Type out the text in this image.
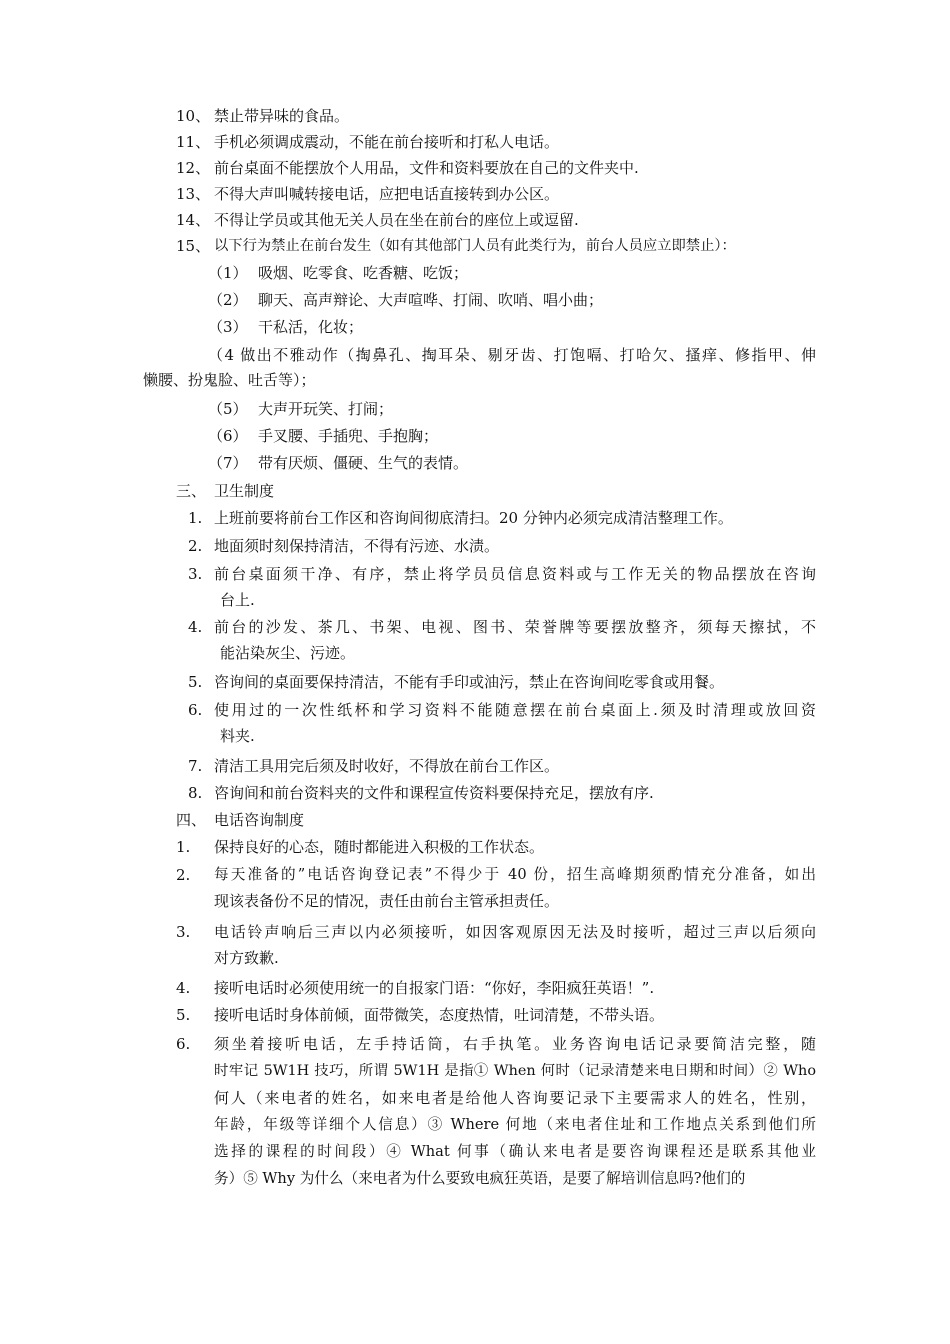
10、 禁止带异味的食品。
11、 手机必须调成震动，不能在前台接听和打私人电话。
12、 前台桌面不能摆放个人用品，文件和资料要放在自己的文件夹中.
13、 不得大声叫喊转接电话，应把电话直接转到办公区。
14、 不得让学员或其他无关人员在坐在前台的座位上或逗留.
15、 以下行为禁止在前台发生（如有其他部门人员有此类行为，前台人员应立即禁止）：
（1） 吸烟、吃零食、吃香糖、吃饭；
（2） 聊天、高声辩论、大声喧哗、打闹、吹哨、唱小曲；
（3） 干私活，化妆；
（4 做出不雅动作（掏鼻孔、掏耳朵、剔牙齿、打饱嗝、打哈欠、搔痒、修指甲、伸
懒腰、扮鬼脸、吐舌等）；
（5） 大声开玩笑、打闹；
（6） 手叉腰、手插兜、手抱胸；
（7） 带有厌烦、僵硬、生气的表情。
三、 卫生制度
1. 上班前要将前台工作区和咨询间彻底清扫。20 分钟内必须完成清洁整理工作。
2. 地面须时刻保持清洁，不得有污迹、水渍。
3. 前台桌面须干净、有序，禁止将学员员信息资料或与工作无关的物品摆放在咨询
台上.
4. 前台的沙发、茶几、书架、电视、图书、荣誉牌等要摆放整齐，须每天擦拭，不
能沾染灰尘、污迹。
5. 咨询间的桌面要保持清洁，不能有手印或油污，禁止在咨询间吃零食或用餐。
6. 使用过的一次性纸杯和学习资料不能随意摆在前台桌面上.须及时清理或放回资
料夹.
7. 清洁工具用完后须及时收好，不得放在前台工作区。
8. 咨询间和前台资料夹的文件和课程宣传资料要保持充足，摆放有序.
四、 电话咨询制度
1. 保持良好的心态，随时都能进入积极的工作状态。
2. 每天准备的”电话咨询登记表”不得少于 40 份，招生高峰期须酌情充分准备，如出
现该表备份不足的情况，责任由前台主管承担责任。
3. 电话铃声响后三声以内必须接听，如因客观原因无法及时接听，超过三声以后须向
对方致歉.
4. 接听电话时必须使用统一的自报家门语：“你好，李阳疯狂英语！”.
5. 接听电话时身体前倾，面带微笑，态度热情，吐词清楚，不带头语。
6. 须坐着接听电话，左手持话筒，右手执笔。业务咨询电话记录要简洁完整，随
时牢记 5W1H 技巧，所谓 5W1H 是指① When 何时（记录清楚来电日期和时间）② Who
何人（来电者的姓名，如来电者是给他人咨询要记录下主要需求人的姓名，性别，
年龄，年级等详细个人信息）③ Where 何地（来电者住址和工作地点关系到他们所
选择的课程的时间段）④ What 何事（确认来电者是要咨询课程还是联系其他业
务）⑤ Why 为什么（来电者为什么要致电疯狂英语，是要了解培训信息吗?他们的
